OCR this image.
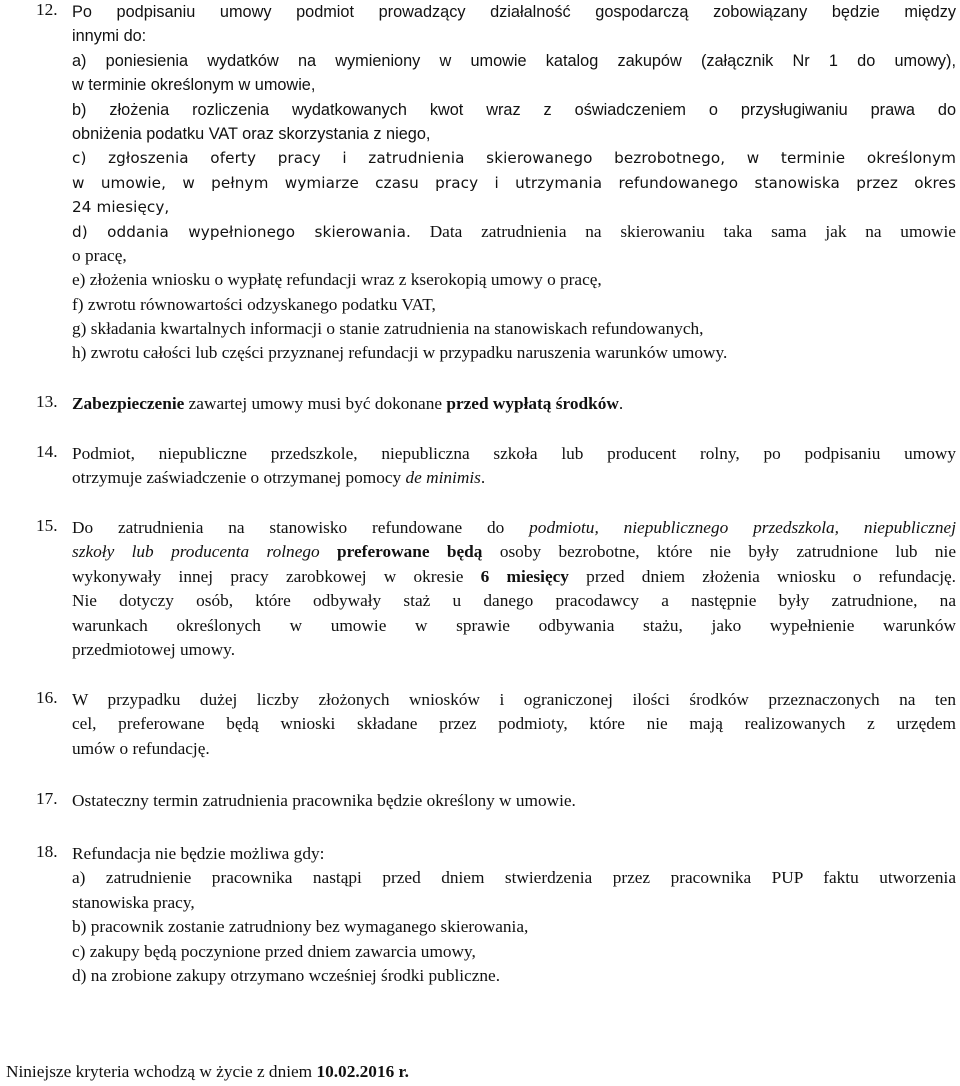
12. Po podpisaniu umowy podmiot prowadzący działalność gospodarczą zobowiązany będzie między
innymi do:
a) poniesienia wydatków na wymieniony w umowie katalog zakupów (załącznik Nr 1 do umowy),
w terminie określonym w umowie,
b) złożenia rozliczenia wydatkowanych kwot wraz z oświadczeniem o przysługiwaniu prawa do
obniżenia podatku VAT oraz skorzystania z niego,
c) zgłoszenia oferty pracy i zatrudnienia skierowanego bezrobotnego, w terminie określonym
w umowie, w pełnym wymiarze czasu pracy i utrzymania refundowanego stanowiska przez okres
24 miesięcy,
d) oddania wypełnionego skierowania. Data zatrudnienia na skierowaniu taka sama jak na umowie
o pracę,
e) złożenia wniosku o wypłatę refundacji wraz z kserokopią umowy o pracę,
f) zwrotu równowartości odzyskanego podatku VAT,
g) składania kwartalnych informacji o stanie zatrudnienia na stanowiskach refundowanych,
h) zwrotu całości lub części przyznanej refundacji w przypadku naruszenia warunków umowy.
13. Zabezpieczenie zawartej umowy musi być dokonane przed wypłatą środków.
14. Podmiot, niepubliczne przedszkole, niepubliczna szkoła lub producent rolny, po podpisaniu umowy
otrzymuje zaświadczenie o otrzymanej pomocy de minimis.
15. Do zatrudnienia na stanowisko refundowane do podmiotu, niepublicznego przedszkola, niepublicznej
szkoły lub producenta rolnego preferowane będą osoby bezrobotne, które nie były zatrudnione lub nie
wykonywały innej pracy zarobkowej w okresie 6 miesięcy przed dniem złożenia wniosku o refundację.
Nie dotyczy osób, które odbywały staż u danego pracodawcy a następnie były zatrudnione, na
warunkach określonych w umowie w sprawie odbywania stażu, jako wypełnienie warunków
przedmiotowej umowy.
16. W przypadku dużej liczby złożonych wniosków i ograniczonej ilości środków przeznaczonych na ten
cel, preferowane będą wnioski składane przez podmioty, które nie mają realizowanych z urzędem
umów o refundację.
17. Ostateczny termin zatrudnienia pracownika będzie określony w umowie.
18. Refundacja nie będzie możliwa gdy:
a) zatrudnienie pracownika nastąpi przed dniem stwierdzenia przez pracownika PUP faktu utworzenia
stanowiska pracy,
b) pracownik zostanie zatrudniony bez wymaganego skierowania,
c) zakupy będą poczynione przed dniem zawarcia umowy,
d) na zrobione zakupy otrzymano wcześniej środki publiczne.
Niniejsze kryteria wchodzą w życie z dniem 10.02.2016 r.
